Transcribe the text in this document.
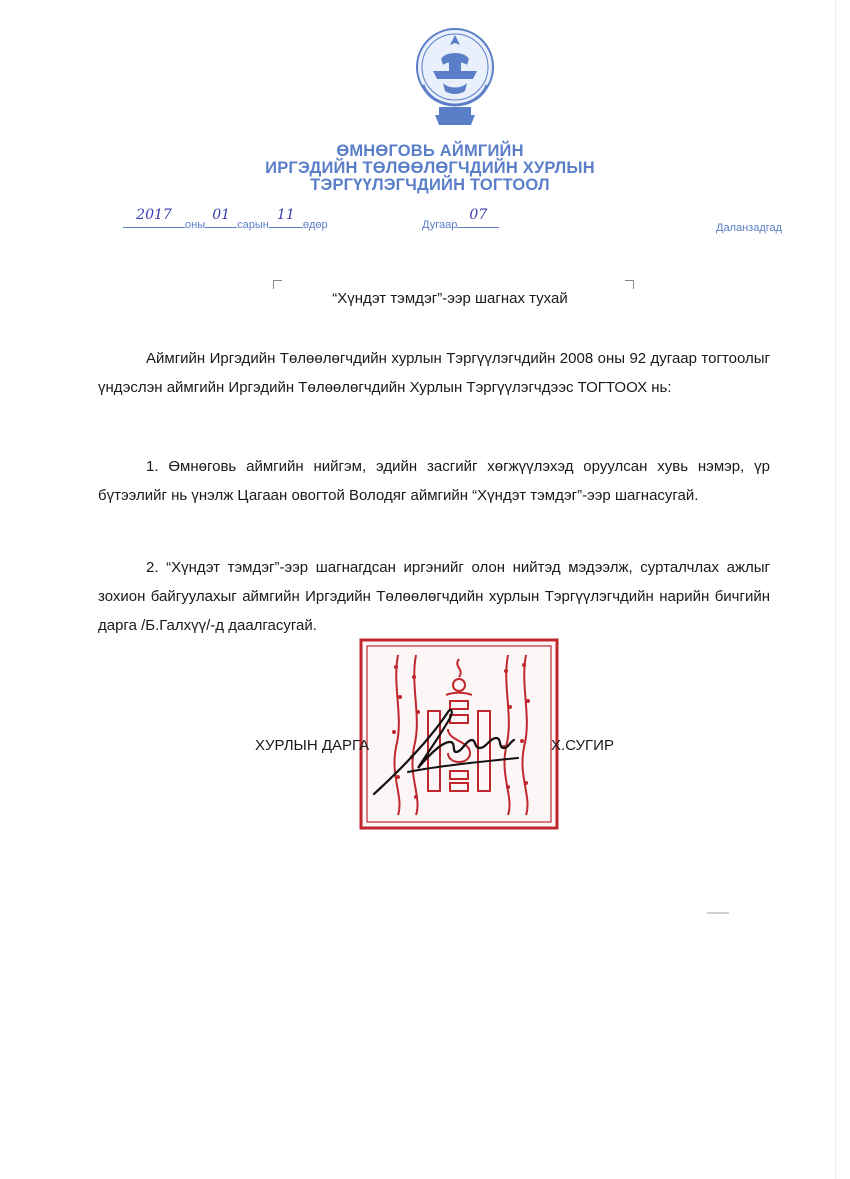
ӨМНӨГОВЬ АЙМГИЙН
ИРГЭДИЙН ТӨЛӨӨЛӨГЧДИЙН ХУРЛЫН
ТЭРГҮҮЛЭГЧДИЙН ТОГТООЛ
2017
оны
01
сарын
11
өдөр	Дугаар
07
Даланзадгад
“Хүндэт тэмдэг”-ээр шагнах тухай
Аймгийн Иргэдийн Төлөөлөгчдийн хурлын Тэргүүлэгчдийн 2008 оны 92 дугаар тогтоолыг үндэслэн аймгийн Иргэдийн Төлөөлөгчдийн Хурлын Тэргүүлэгчдээс ТОГТООХ нь:
1. Өмнөговь аймгийн нийгэм, эдийн засгийг хөгжүүлэхэд оруулсан хувь нэмэр, үр бүтээлийг нь үнэлж Цагаан овогтой Володяг аймгийн “Хүндэт тэмдэг”-ээр шагнасугай.
2. “Хүндэт тэмдэг”-ээр шагнагдсан иргэнийг олон нийтэд мэдээлж, сурталчлах ажлыг зохион байгуулахыг аймгийн Иргэдийн Төлөөлөгчдийн хурлын Тэргүүлэгчдийн нарийн бичгийн дарга /Б.Галхүү/-д даалгасугай.
ХУРЛЫН ДАРГА	Х.СУГИР
